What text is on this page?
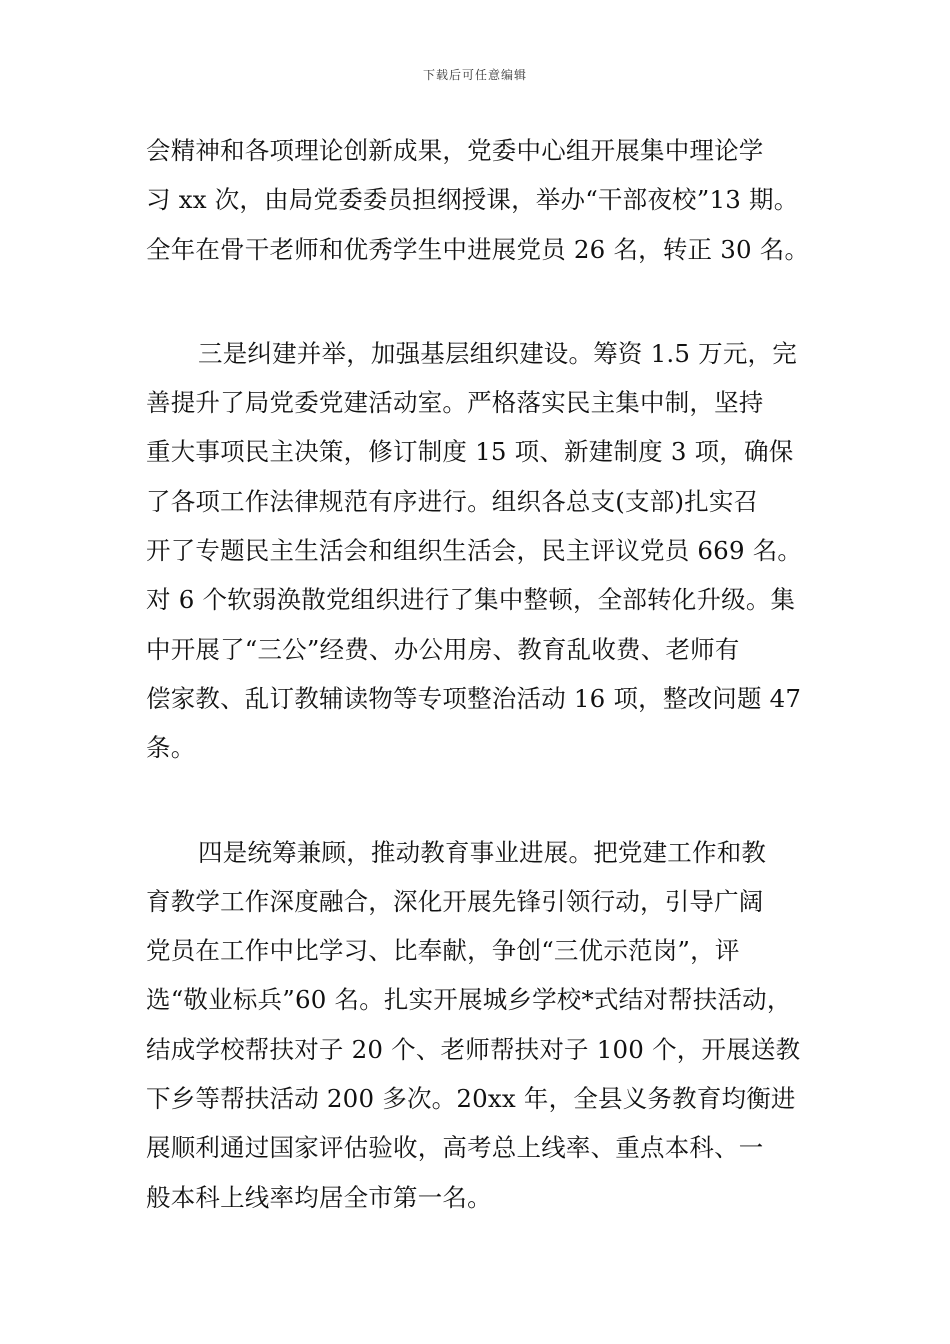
下载后可任意编辑
会精神和各项理论创新成果，党委中心组开展集中理论学
习 xx 次，由局党委委员担纲授课，举办“干部夜校”13 期。
全年在骨干老师和优秀学生中进展党员 26 名，转正 30 名。
三是纠建并举，加强基层组织建设。筹资 1.5 万元，完
善提升了局党委党建活动室。严格落实民主集中制，坚持
重大事项民主决策，修订制度 15 项、新建制度 3 项，确保
了各项工作法律规范有序进行。组织各总支(支部)扎实召
开了专题民主生活会和组织生活会，民主评议党员 669 名。
对 6 个软弱涣散党组织进行了集中整顿，全部转化升级。集
中开展了“三公”经费、办公用房、教育乱收费、老师有
偿家教、乱订教辅读物等专项整治活动 16 项，整改问题 47
条。
四是统筹兼顾，推动教育事业进展。把党建工作和教
育教学工作深度融合，深化开展先锋引领行动，引导广阔
党员在工作中比学习、比奉献，争创“三优示范岗”，评
选“敬业标兵”60 名。扎实开展城乡学校*式结对帮扶活动，
结成学校帮扶对子 20 个、老师帮扶对子 100 个，开展送教
下乡等帮扶活动 200 多次。20xx 年，全县义务教育均衡进
展顺利通过国家评估验收，高考总上线率、重点本科、一
般本科上线率均居全市第一名。
